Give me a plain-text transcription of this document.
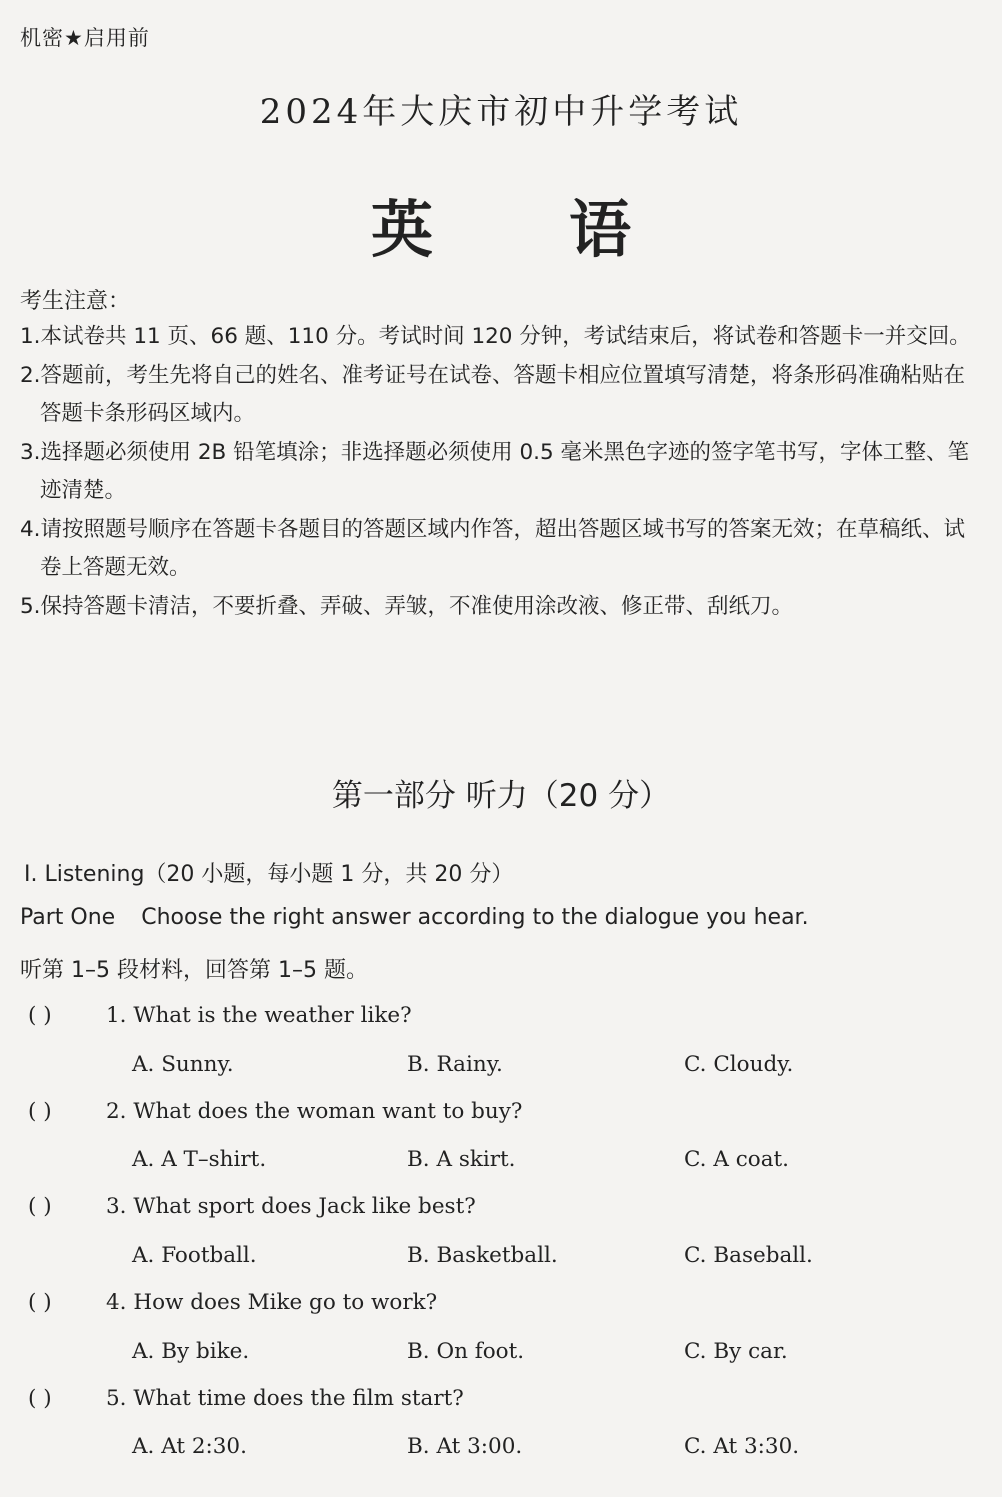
机密★启用前
2024年大庆市初中升学考试
英 语
考生注意：
1.本试卷共 11 页、66 题、110 分。考试时间 120 分钟，考试结束后，将试卷和答题卡一并交回。
2.答题前，考生先将自己的姓名、准考证号在试卷、答题卡相应位置填写清楚，将条形码准确粘贴在答题卡条形码区域内。
3.选择题必须使用 2B 铅笔填涂；非选择题必须使用 0.5 毫米黑色字迹的签字笔书写，字体工整、笔迹清楚。
4.请按照题号顺序在答题卡各题目的答题区域内作答，超出答题区域书写的答案无效；在草稿纸、试卷上答题无效。
5.保持答题卡清洁，不要折叠、弄破、弄皱，不准使用涂改液、修正带、刮纸刀。
第一部分 听力（20 分）
Ⅰ. Listening（20 小题，每小题 1 分，共 20 分）
Part One Choose the right answer according to the dialogue you hear.
听第 1–5 段材料，回答第 1–5 题。
( )	1. What is the weather like?
A. Sunny.	B. Rainy.	C. Cloudy.
( )	2. What does the woman want to buy?
A. A T–shirt.	B. A skirt.	C. A coat.
( )	3. What sport does Jack like best?
A. Football.	B. Basketball.	C. Baseball.
( )	4. How does Mike go to work?
A. By bike.	B. On foot.	C. By car.
( )	5. What time does the film start?
A. At 2:30.	B. At 3:00.	C. At 3:30.
